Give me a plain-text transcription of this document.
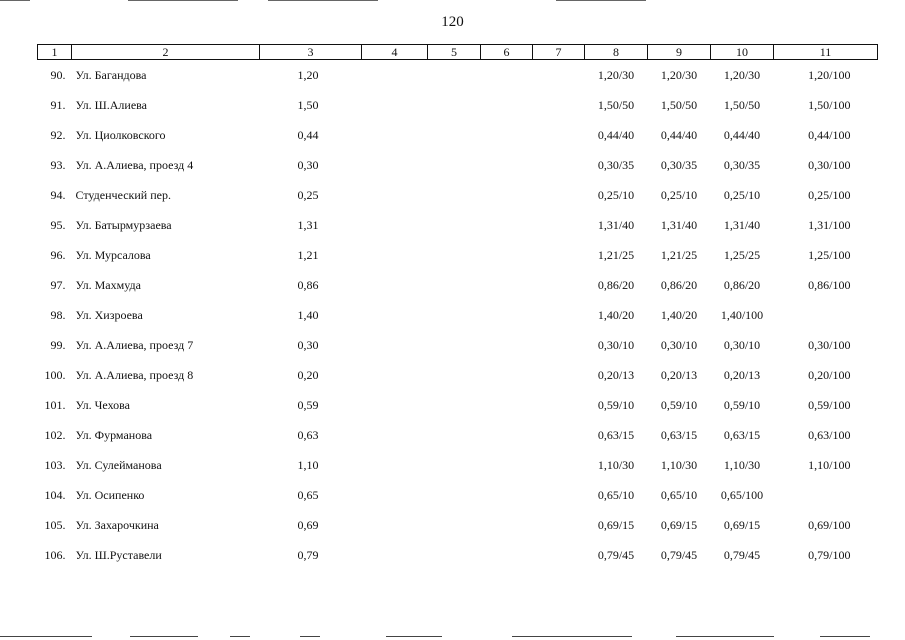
120
1	2	3	4	5	6	7	8	9	10	11
90.	Ул. Багандова	1,20					1,20/30	1,20/30	1,20/30	1,20/100
91.	Ул. Ш.Алиева	1,50					1,50/50	1,50/50	1,50/50	1,50/100
92.	Ул. Циолковского	0,44					0,44/40	0,44/40	0,44/40	0,44/100
93.	Ул. А.Алиева, проезд 4	0,30					0,30/35	0,30/35	0,30/35	0,30/100
94.	Студенческий пер.	0,25					0,25/10	0,25/10	0,25/10	0,25/100
95.	Ул. Батырмурзаева	1,31					1,31/40	1,31/40	1,31/40	1,31/100
96.	Ул. Мурсалова	1,21					1,21/25	1,21/25	1,25/25	1,25/100
97.	Ул. Махмуда	0,86					0,86/20	0,86/20	0,86/20	0,86/100
98.	Ул. Хизроева	1,40					1,40/20	1,40/20	1,40/100	
99.	Ул. А.Алиева, проезд 7	0,30					0,30/10	0,30/10	0,30/10	0,30/100
100.	Ул. А.Алиева, проезд 8	0,20					0,20/13	0,20/13	0,20/13	0,20/100
101.	Ул. Чехова	0,59					0,59/10	0,59/10	0,59/10	0,59/100
102.	Ул. Фурманова	0,63					0,63/15	0,63/15	0,63/15	0,63/100
103.	Ул. Сулейманова	1,10					1,10/30	1,10/30	1,10/30	1,10/100
104.	Ул. Осипенко	0,65					0,65/10	0,65/10	0,65/100	
105.	Ул. Захарочкина	0,69					0,69/15	0,69/15	0,69/15	0,69/100
106.	Ул. Ш.Руставели	0,79					0,79/45	0,79/45	0,79/45	0,79/100
